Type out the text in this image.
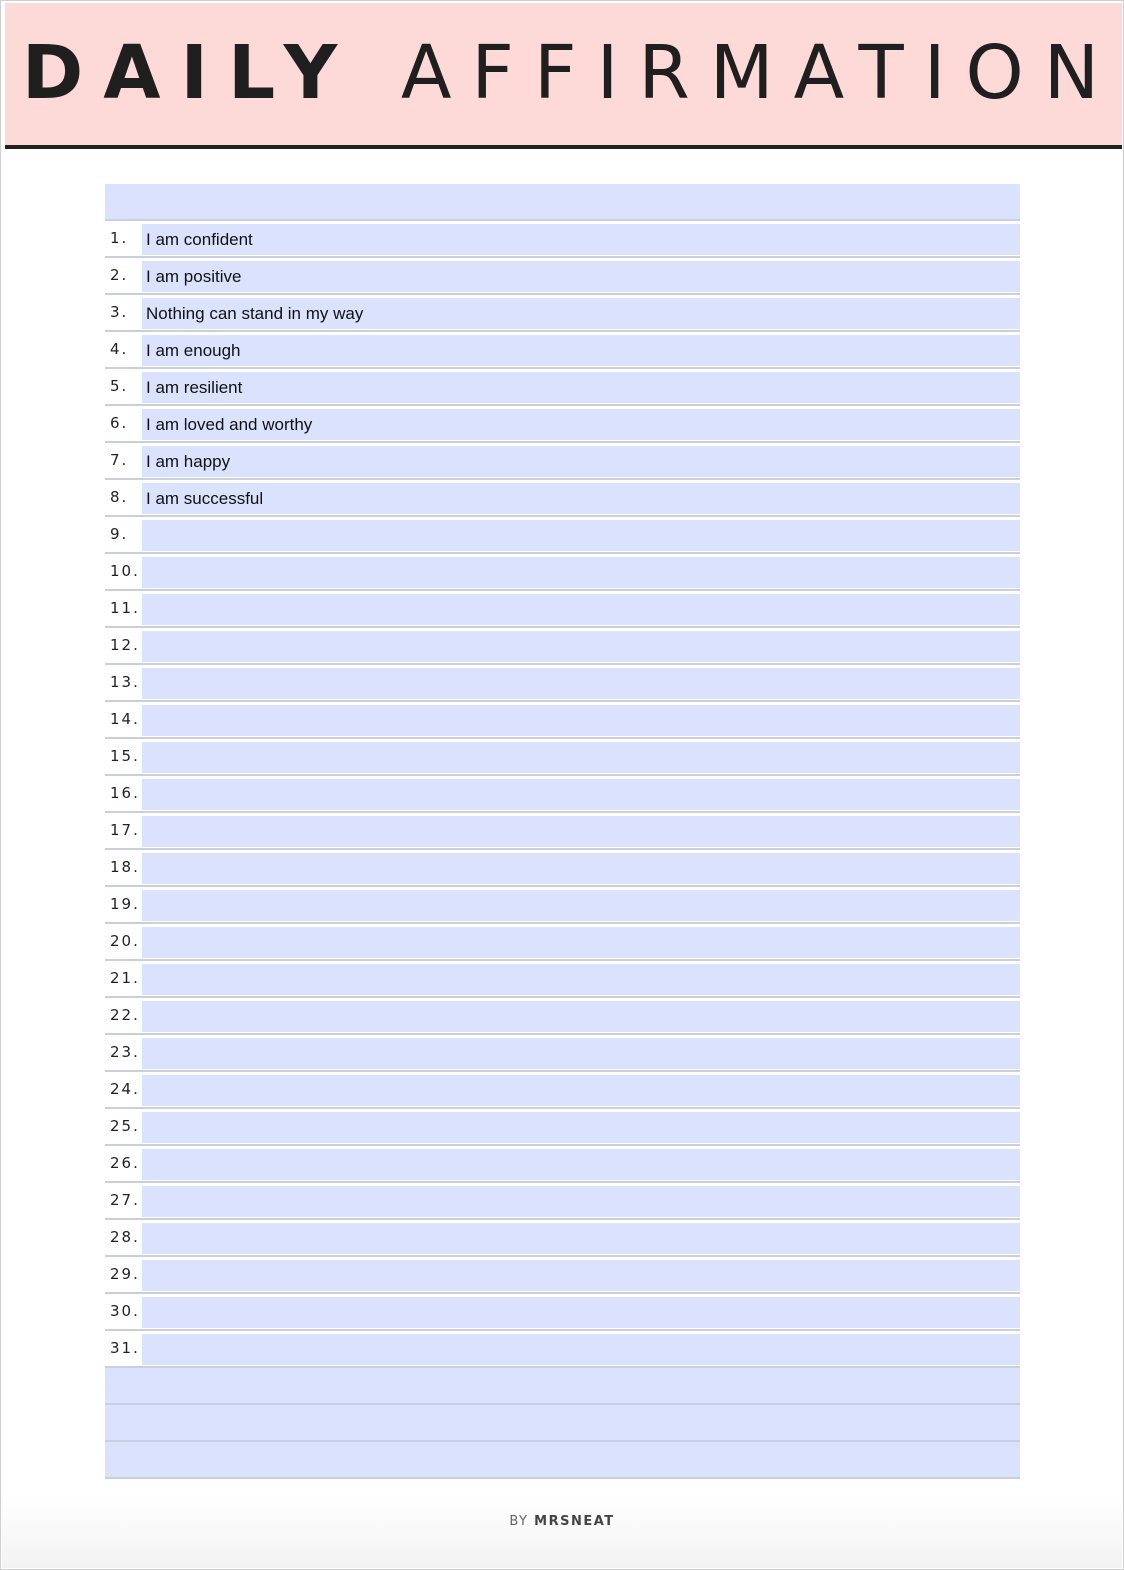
DAILY AFFIRMATION
1.	I am confident
2.	I am positive
3.	Nothing can stand in my way
4.	I am enough
5.	I am resilient
6.	I am loved and worthy
7.	I am happy
8.	I am successful
9.
10.
11.
12.
13.
14.
15.
16.
17.
18.
19.
20.
21.
22.
23.
24.
25.
26.
27.
28.
29.
30.
31.
BY MRSNEAT
